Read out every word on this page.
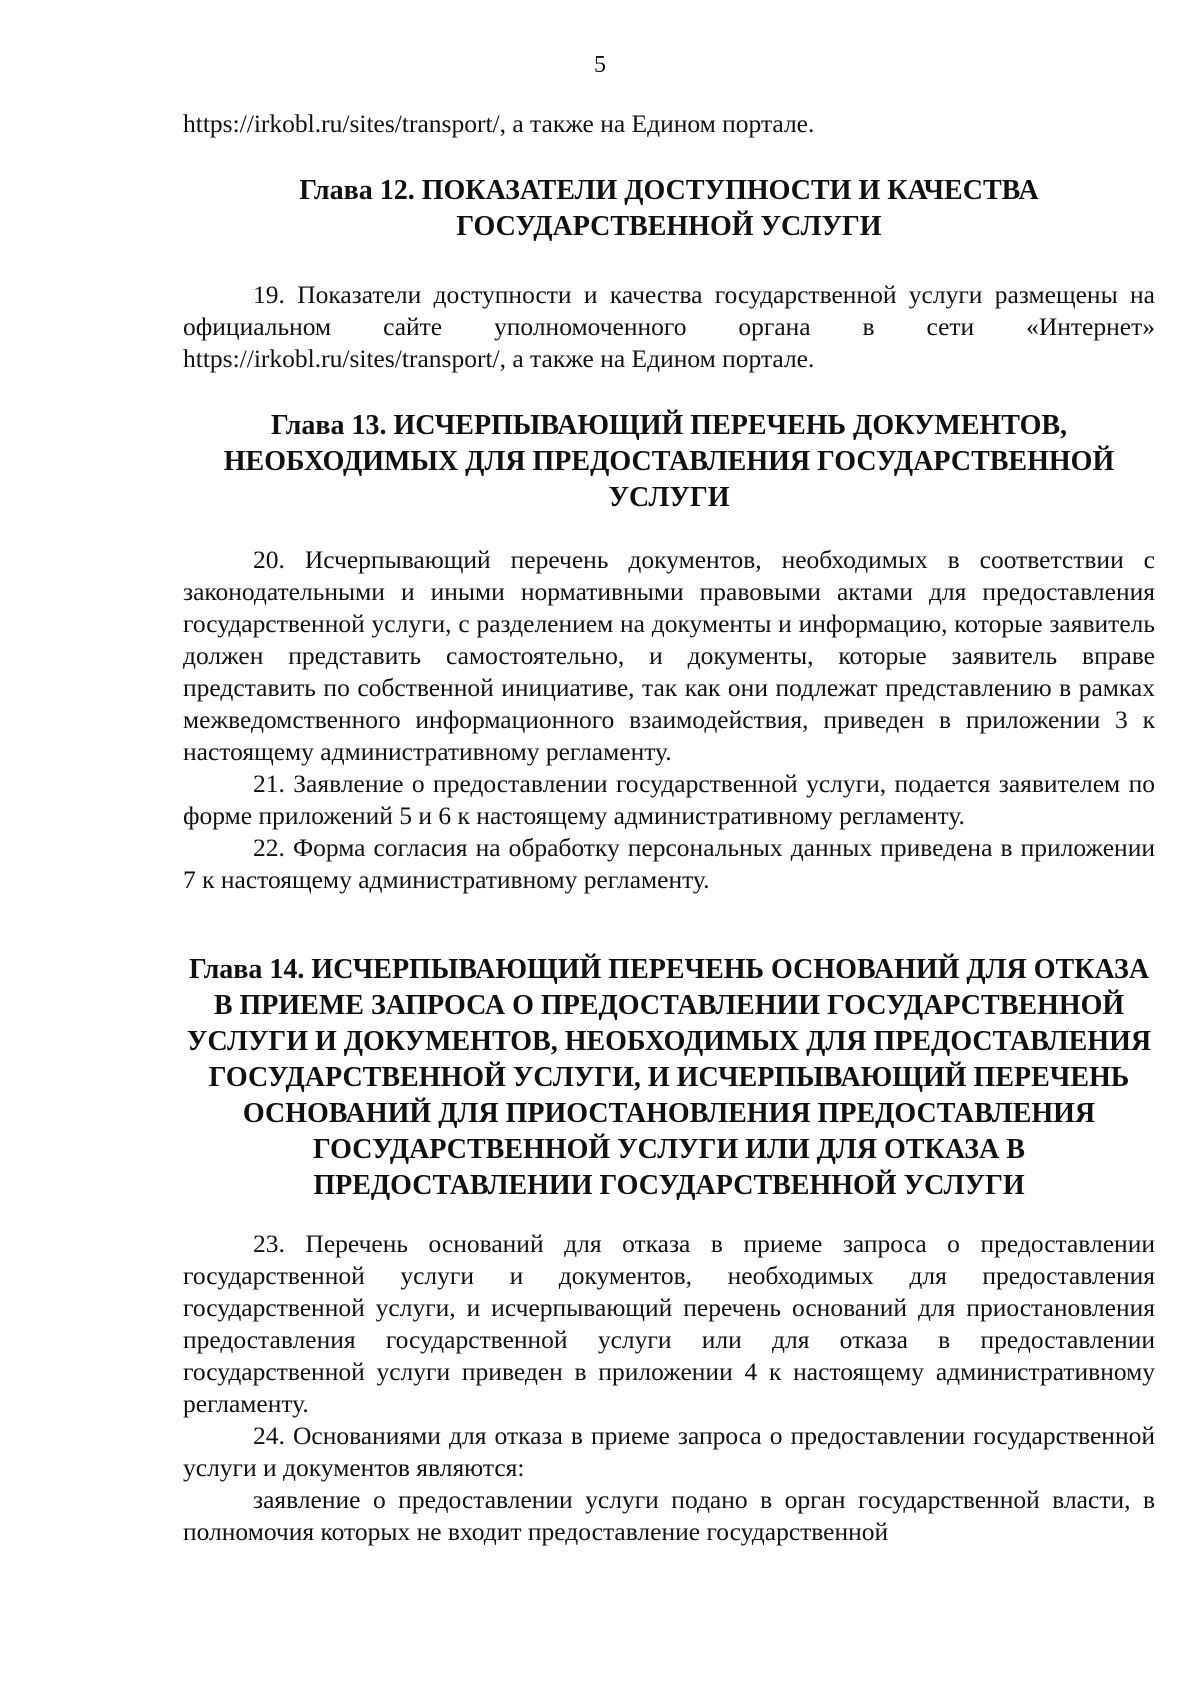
5

https://irkobl.ru/sites/transport/, а также на Едином портале.

Глава 12. ПОКАЗАТЕЛИ ДОСТУПНОСТИ И КАЧЕСТВА ГОСУДАРСТВЕННОЙ УСЛУГИ

19. Показатели доступности и качества государственной услуги размещены на официальном сайте уполномоченного органа в сети «Интернет» https://irkobl.ru/sites/transport/, а также на Едином портале.

Глава 13. ИСЧЕРПЫВАЮЩИЙ ПЕРЕЧЕНЬ ДОКУМЕНТОВ, НЕОБХОДИМЫХ ДЛЯ ПРЕДОСТАВЛЕНИЯ ГОСУДАРСТВЕННОЙ УСЛУГИ

20. Исчерпывающий перечень документов, необходимых в соответствии с законодательными и иными нормативными правовыми актами для предоставления государственной услуги, с разделением на документы и информацию, которые заявитель должен представить самостоятельно, и документы, которые заявитель вправе представить по собственной инициативе, так как они подлежат представлению в рамках межведомственного информационного взаимодействия, приведен в приложении 3 к настоящему административному регламенту.

21. Заявление о предоставлении государственной услуги, подается заявителем по форме приложений 5 и 6 к настоящему административному регламенту.

22. Форма согласия на обработку персональных данных приведена в приложении 7 к настоящему административному регламенту.

Глава 14. ИСЧЕРПЫВАЮЩИЙ ПЕРЕЧЕНЬ ОСНОВАНИЙ ДЛЯ ОТКАЗА В ПРИЕМЕ ЗАПРОСА О ПРЕДОСТАВЛЕНИИ ГОСУДАРСТВЕННОЙ УСЛУГИ И ДОКУМЕНТОВ, НЕОБХОДИМЫХ ДЛЯ ПРЕДОСТАВЛЕНИЯ ГОСУДАРСТВЕННОЙ УСЛУГИ, И ИСЧЕРПЫВАЮЩИЙ ПЕРЕЧЕНЬ ОСНОВАНИЙ ДЛЯ ПРИОСТАНОВЛЕНИЯ ПРЕДОСТАВЛЕНИЯ ГОСУДАРСТВЕННОЙ УСЛУГИ ИЛИ ДЛЯ ОТКАЗА В ПРЕДОСТАВЛЕНИИ ГОСУДАРСТВЕННОЙ УСЛУГИ

23. Перечень оснований для отказа в приеме запроса о предоставлении государственной услуги и документов, необходимых для предоставления государственной услуги, и исчерпывающий перечень оснований для приостановления предоставления государственной услуги или для отказа в предоставлении государственной услуги приведен в приложении 4 к настоящему административному регламенту.

24. Основаниями для отказа в приеме запроса о предоставлении государственной услуги и документов являются:

заявление о предоставлении услуги подано в орган государственной власти, в полномочия которых не входит предоставление государственной
